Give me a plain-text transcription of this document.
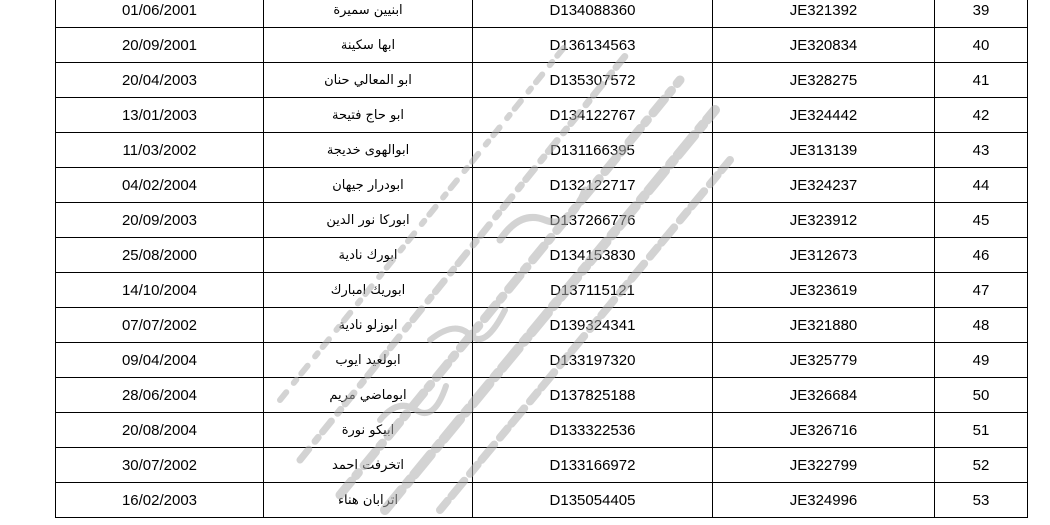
01/06/2001	ابنيين سميرة	D134088360	JE321392	39
20/09/2001	ابها سكينة	D136134563	JE320834	40
20/04/2003	ابو المعالي حنان	D135307572	JE328275	41
13/01/2003	ابو حاج فتيحة	D134122767	JE324442	42
11/03/2002	ابوالهوى خديجة	D131166395	JE313139	43
04/02/2004	ابودرار جيهان	D132122717	JE324237	44
20/09/2003	ابوركا نور الدين	D137266776	JE323912	45
25/08/2000	ابورك نادية	D134153830	JE312673	46
14/10/2004	ابوريك امبارك	D137115121	JE323619	47
07/07/2002	ابوزلو نادية	D139324341	JE321880	48
09/04/2004	ابولعيد ايوب	D133197320	JE325779	49
28/06/2004	ابوماضي مريم	D137825188	JE326684	50
20/08/2004	ابيكو نورة	D133322536	JE326716	51
30/07/2002	اتخرفت احمد	D133166972	JE322799	52
16/02/2003	اترابان هناء	D135054405	JE324996	53
